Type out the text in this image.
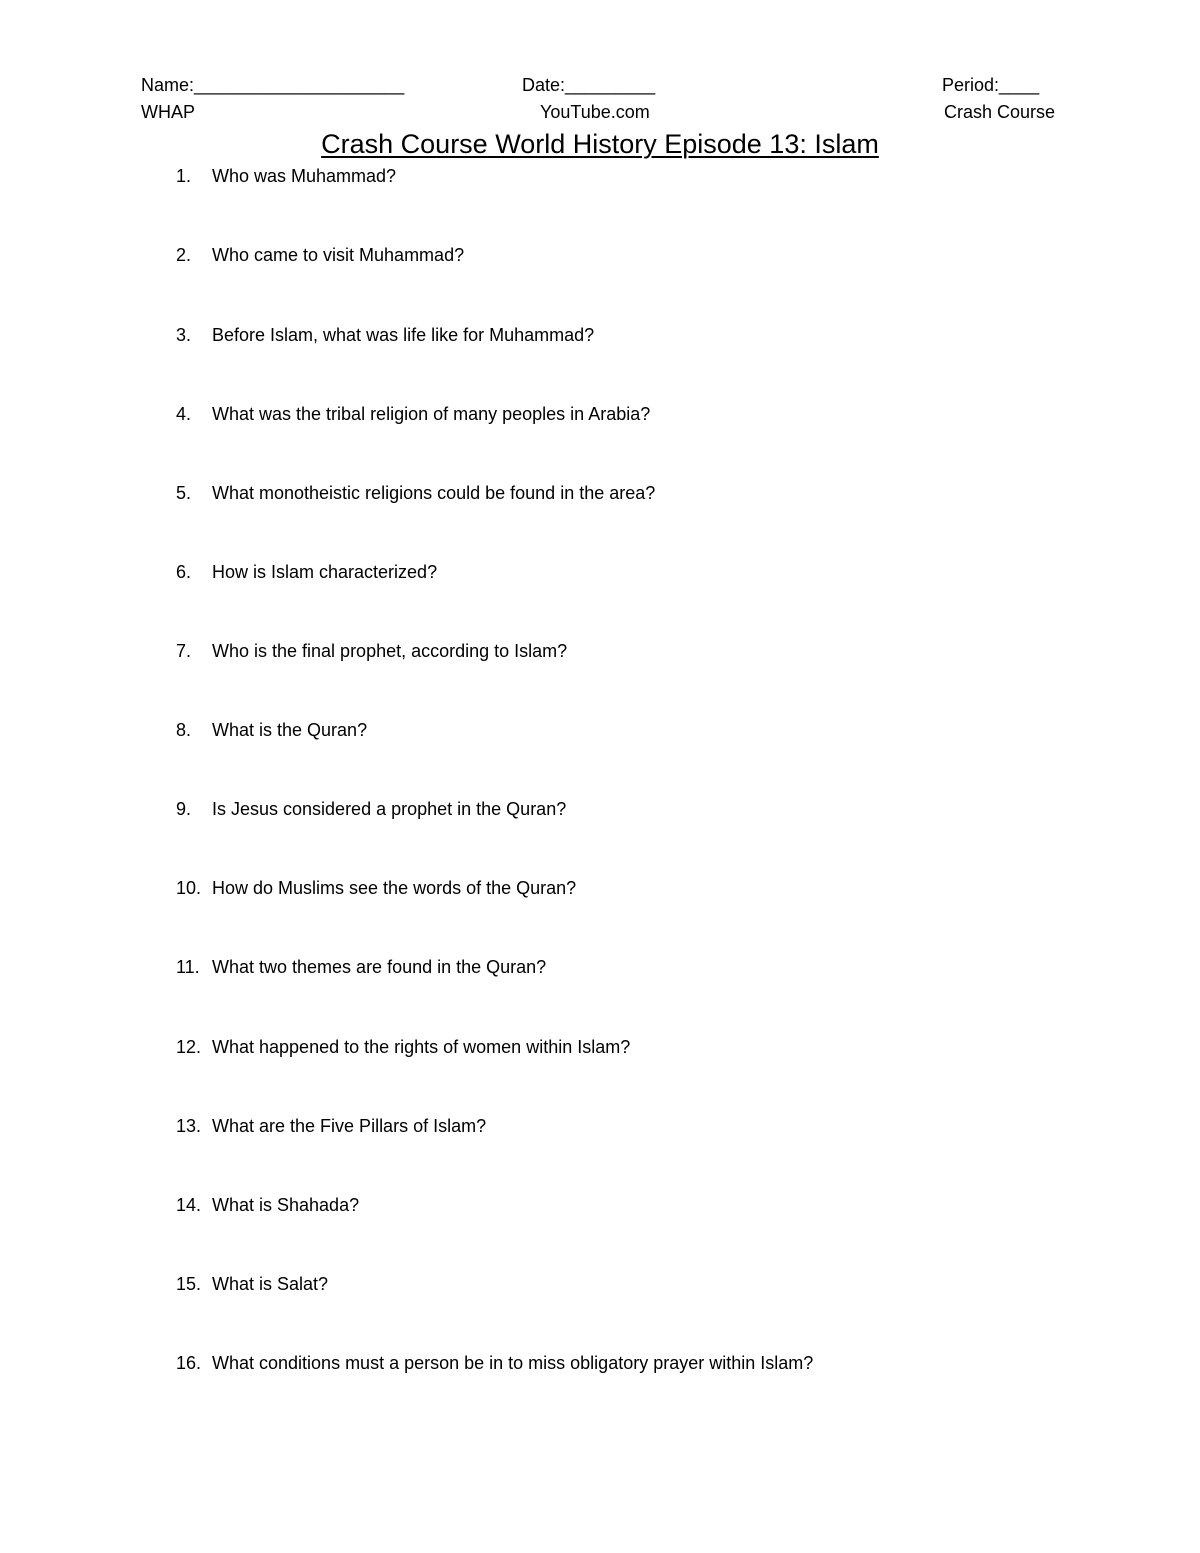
Name:_____________________	Date:_________	Period:____
WHAP	YouTube.com	Crash Course
Crash Course World History Episode 13: Islam
1.	Who was Muhammad?
2.	Who came to visit Muhammad?
3.	Before Islam, what was life like for Muhammad?
4.	What was the tribal religion of many peoples in Arabia?
5.	What monotheistic religions could be found in the area?
6.	How is Islam characterized?
7.	Who is the final prophet, according to Islam?
8.	What is the Quran?
9.	Is Jesus considered a prophet in the Quran?
10. How do Muslims see the words of the Quran?
11. What two themes are found in the Quran?
12. What happened to the rights of women within Islam?
13. What are the Five Pillars of Islam?
14. What is Shahada?
15. What is Salat?
16. What conditions must a person be in to miss obligatory prayer within Islam?
